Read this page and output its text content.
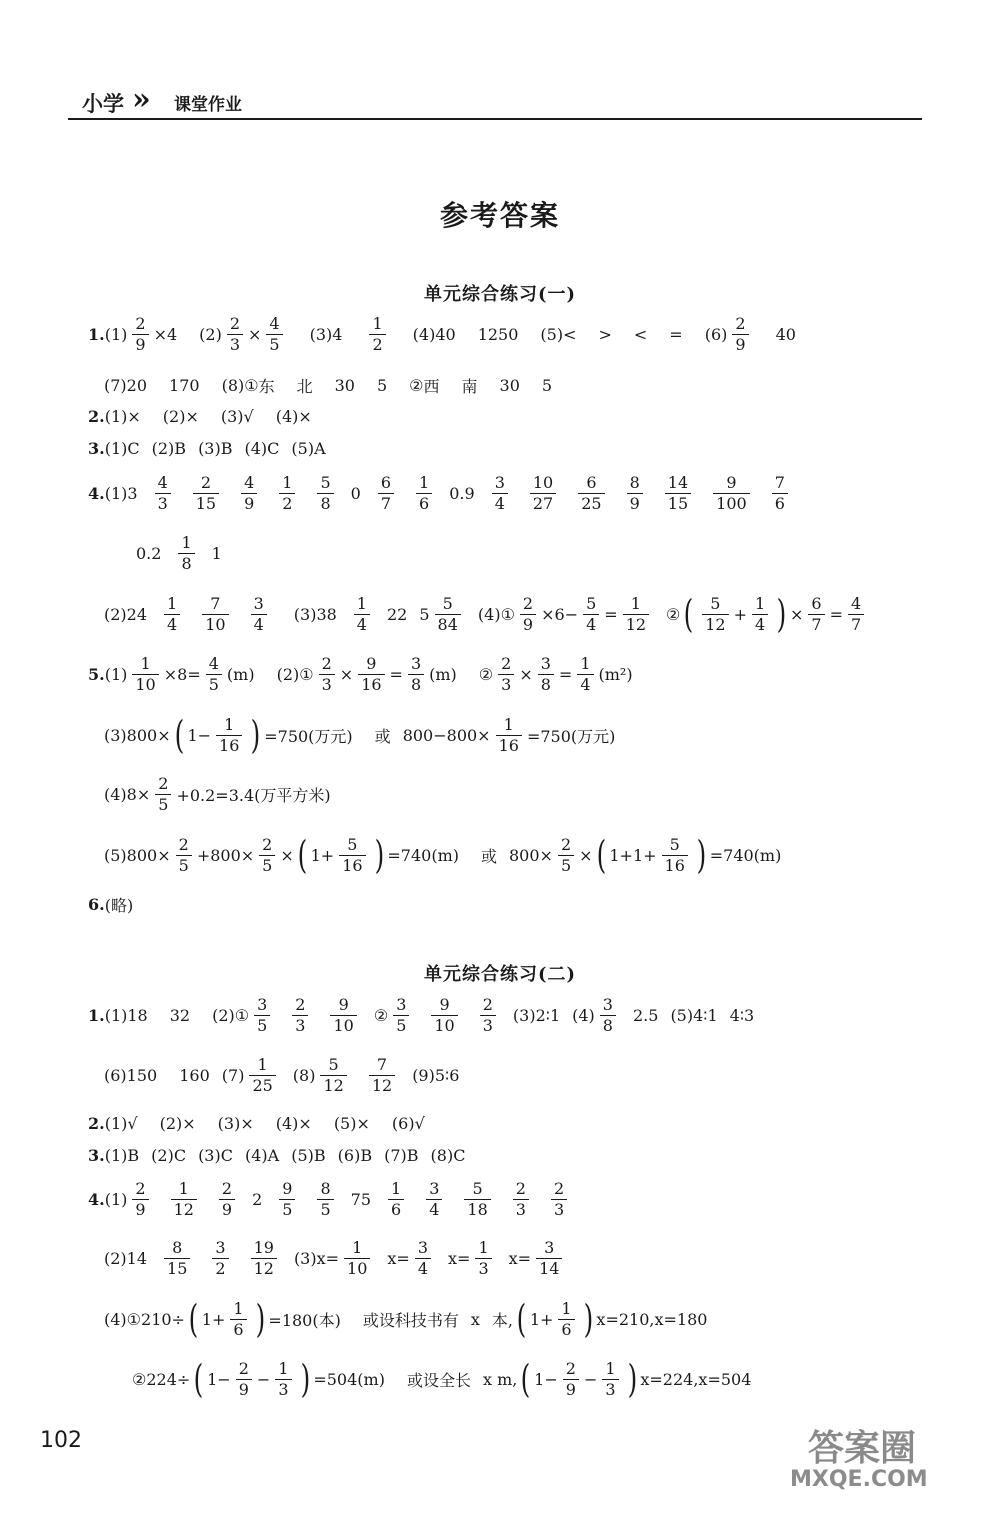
小学 » 课堂作业
参考答案
单元综合练习(一)
1. $(1) \frac{2}{9} \times 4$ $(2) \frac{2}{3} \times \frac{4}{5} (3)$ $4 \frac{1}{2} (4)$ 40 1250 (5) < > < = $(6) \frac{2}{9} 40$
(7) 20 170 (8) ① 东 北 30 5 ② 西 南 30 5
2. (1) × (2) × (3) √ (4) ×
3. (1) C (2) B (3) B (4) C (5) A
4. (1) $3 \frac{4}{3} \frac{2}{15} \frac{4}{9} \frac{1}{2} \frac{5}{8} 0 \frac{6}{7} \frac{1}{6} 0.9 \frac{3}{4} \frac{10}{27} \frac{6}{25} \frac{8}{9} \frac{14}{15} \frac{9}{100} \frac{7}{6}$
$0.2 \frac{1}{8} 1$
(2) $24 \frac{1}{4} \frac{7}{10} \frac{3}{4} (3)$ $38 \frac{1}{4} 22$ $5 \frac{5}{84} (4)$ ① $\frac{2}{9} \times 6 - \frac{5}{4} = \frac{1}{12}$ ② ( $\frac{5}{12} + \frac{1}{4}$ ) × $\frac{6}{7} = \frac{4}{7}$
5. $(1) \frac{1}{10} \times 8 = \frac{4}{5} (m)$ (2) ① $\frac{2}{3} \times \frac{9}{16} = \frac{3}{8} (m)$ ② $\frac{2}{3} \times \frac{3}{8} = \frac{1}{4} (m^2)$
(3) 800× ( $1- \frac{1}{16}$ ) =750(万元) 或 $800-800\times \frac{1}{16} =750$(万元)
(4) $8\times \frac{2}{5} +0.2=3.4$(万平方米)
(5) $800\times \frac{2}{5} +800\times \frac{2}{5}$ × ( $1+ \frac{5}{16}$ ) =740(m) 或 $800\times \frac{2}{5}$ × ( $1+1+ \frac{5}{16}$ ) =740(m)
6. (略)
单元综合练习(二)
1. (1) 18 32 (2) ① $\frac{3}{5} \frac{2}{3} \frac{9}{10}$ ② $\frac{3}{5} \frac{9}{10} \frac{2}{3} (3)$ 2∶1 $(4) \frac{3}{8} 2.5$ (5) 4∶1 4∶3
(6) 150 160 $(7) \frac{1}{25} (8) \frac{5}{12} \frac{7}{12} (9)$ 5∶6
2. (1) √ (2) × (3) × (4) × (5) × (6) √
3. (1) B (2) C (3) C (4) A (5) B (6) B (7) B (8) C
4. $(1) \frac{2}{9} \frac{1}{12} \frac{2}{9} 2 \frac{9}{5} \frac{8}{5} 75 \frac{1}{6} \frac{3}{4} \frac{5}{18} \frac{2}{3} \frac{2}{3}$
(2) $14 \frac{8}{15} \frac{3}{2} \frac{19}{12} (3)$ $x= \frac{1}{10} x= \frac{3}{4} x= \frac{1}{3} x= \frac{3}{14}$
(4) ① 210÷ ( $1+ \frac{1}{6}$ ) =180(本) 或设科技书有 x 本, ( $1+ \frac{1}{6}$ ) x=210, x=180
② 224÷ ( $1- \frac{2}{9} - \frac{1}{3}$ ) =504(m) 或设全长 x m, ( $1- \frac{2}{9} - \frac{1}{3}$ ) x=224, x=504
102	答案圈
MXQE.COM
